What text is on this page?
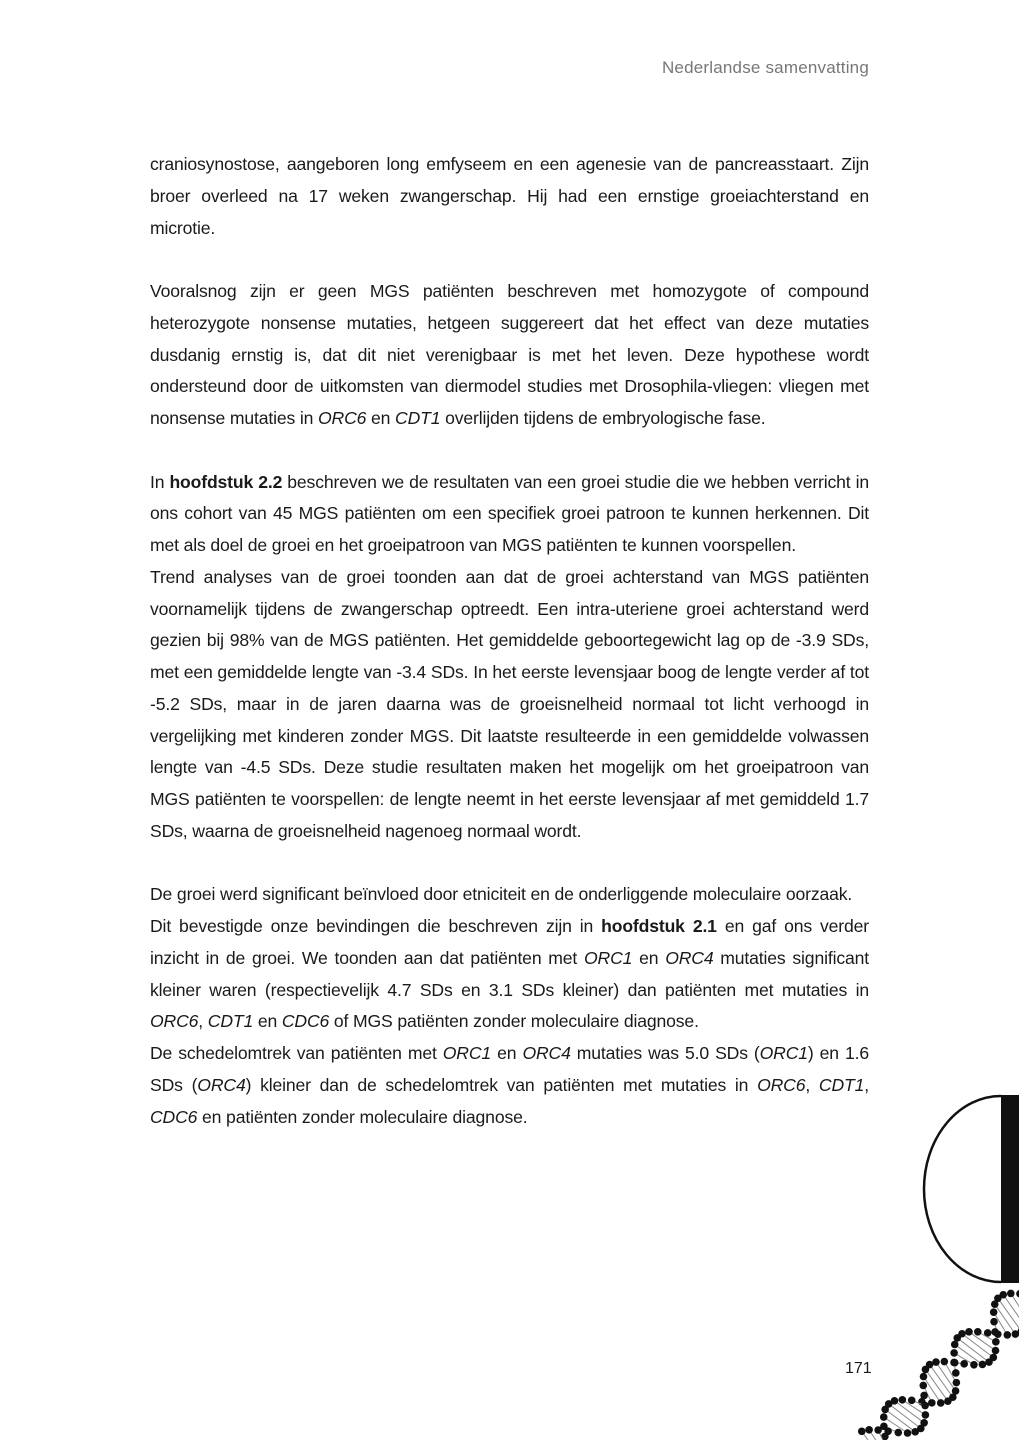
Nederlandse samenvatting

craniosynostose, aangeboren long emfyseem en een agenesie van de pancreasstaart. Zijn broer overleed na 17 weken zwangerschap. Hij had een ernstige groeiachterstand en microtie.

Vooralsnog zijn er geen MGS patiënten beschreven met homozygote of compound heterozygote nonsense mutaties, hetgeen suggereert dat het effect van deze mutaties dusdanig ernstig is, dat dit niet verenigbaar is met het leven. Deze hypothese wordt ondersteund door de uitkomsten van diermodel studies met Drosophila-vliegen: vliegen met nonsense mutaties in ORC6 en CDT1 overlijden tijdens de embryologische fase.

In hoofdstuk 2.2 beschreven we de resultaten van een groei studie die we hebben verricht in ons cohort van 45 MGS patiënten om een specifiek groei patroon te kunnen herkennen. Dit met als doel de groei en het groeipatroon van MGS patiënten te kunnen voorspellen.

Trend analyses van de groei toonden aan dat de groei achterstand van MGS patiënten voornamelijk tijdens de zwangerschap optreedt. Een intra-uteriene groei achterstand werd gezien bij 98% van de MGS patiënten. Het gemiddelde geboortegewicht lag op de -3.9 SDs, met een gemiddelde lengte van -3.4 SDs. In het eerste levensjaar boog de lengte verder af tot -5.2 SDs, maar in de jaren daarna was de groeisnelheid normaal tot licht verhoogd in vergelijking met kinderen zonder MGS. Dit laatste resulteerde in een gemiddelde volwassen lengte van -4.5 SDs. Deze studie resultaten maken het mogelijk om het groeipatroon van MGS patiënten te voorspellen: de lengte neemt in het eerste levensjaar af met gemiddeld 1.7 SDs, waarna de groeisnelheid nagenoeg normaal wordt.

De groei werd significant beïnvloed door etniciteit en de onderliggende moleculaire oorzaak.

Dit bevestigde onze bevindingen die beschreven zijn in hoofdstuk 2.1 en gaf ons verder inzicht in de groei. We toonden aan dat patiënten met ORC1 en ORC4 mutaties significant kleiner waren (respectievelijk 4.7 SDs en 3.1 SDs kleiner) dan patiënten met mutaties in ORC6, CDT1 en CDC6 of MGS patiënten zonder moleculaire diagnose.

De schedelomtrek van patiënten met ORC1 en ORC4 mutaties was 5.0 SDs (ORC1) en 1.6 SDs (ORC4) kleiner dan de schedelomtrek van patiënten met mutaties in ORC6, CDT1, CDC6 en patiënten zonder moleculaire diagnose.

171
